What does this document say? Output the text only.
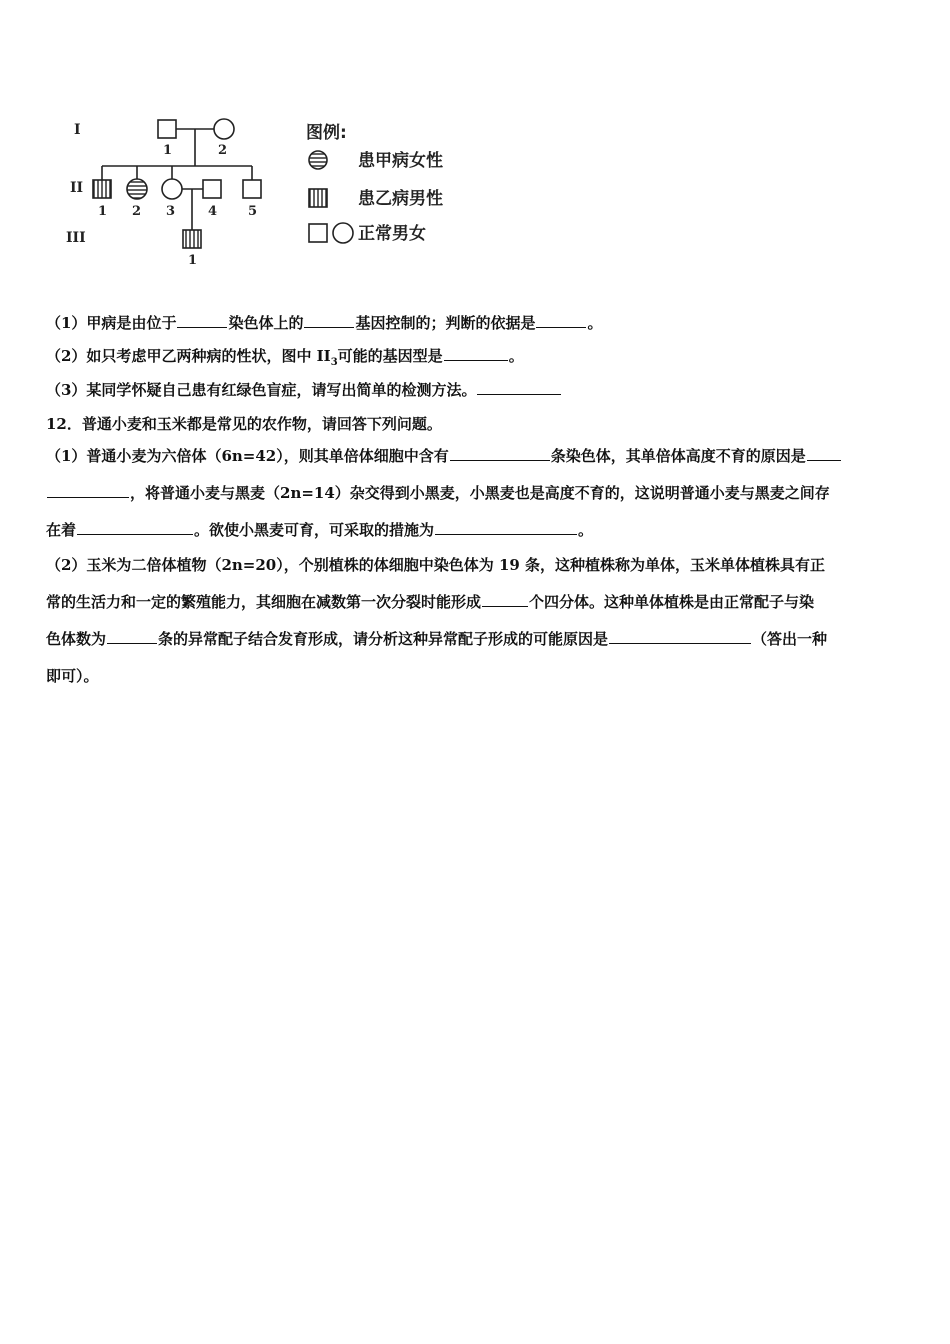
I
II
III
1	2
1 2 3	4 5
1
图例:
患甲病女性
患乙病男性
正常男女
（1）甲病是由位于	染色体上的	基因控制的；判断的依据是	。
（2）如只考虑甲乙两种病的性状，图中 $II_3$可能的基因型是	。
（3）某同学怀疑自己患有红绿色盲症，请写出简单的检测方法。
12．普通小麦和玉米都是常见的农作物，请回答下列问题。
（1）普通小麦为六倍体（6n=42），则其单倍体细胞中含有	条染色体，其单倍体高度不育的原因是
，将普通小麦与黑麦（2n=14）杂交得到小黑麦，小黑麦也是高度不育的，这说明普通小麦与黑麦之间存
在着	。欲使小黑麦可育，可采取的措施为	。
（2）玉米为二倍体植物（2n=20），个别植株的体细胞中染色体为 19 条，这种植株称为单体，玉米单体植株具有正
常的生活力和一定的繁殖能力，其细胞在减数第一次分裂时能形成	个四分体。这种单体植株是由正常配子与染
色体数为	条的异常配子结合发育形成，请分析这种异常配子形成的可能原因是	（答出一种
即可）。
